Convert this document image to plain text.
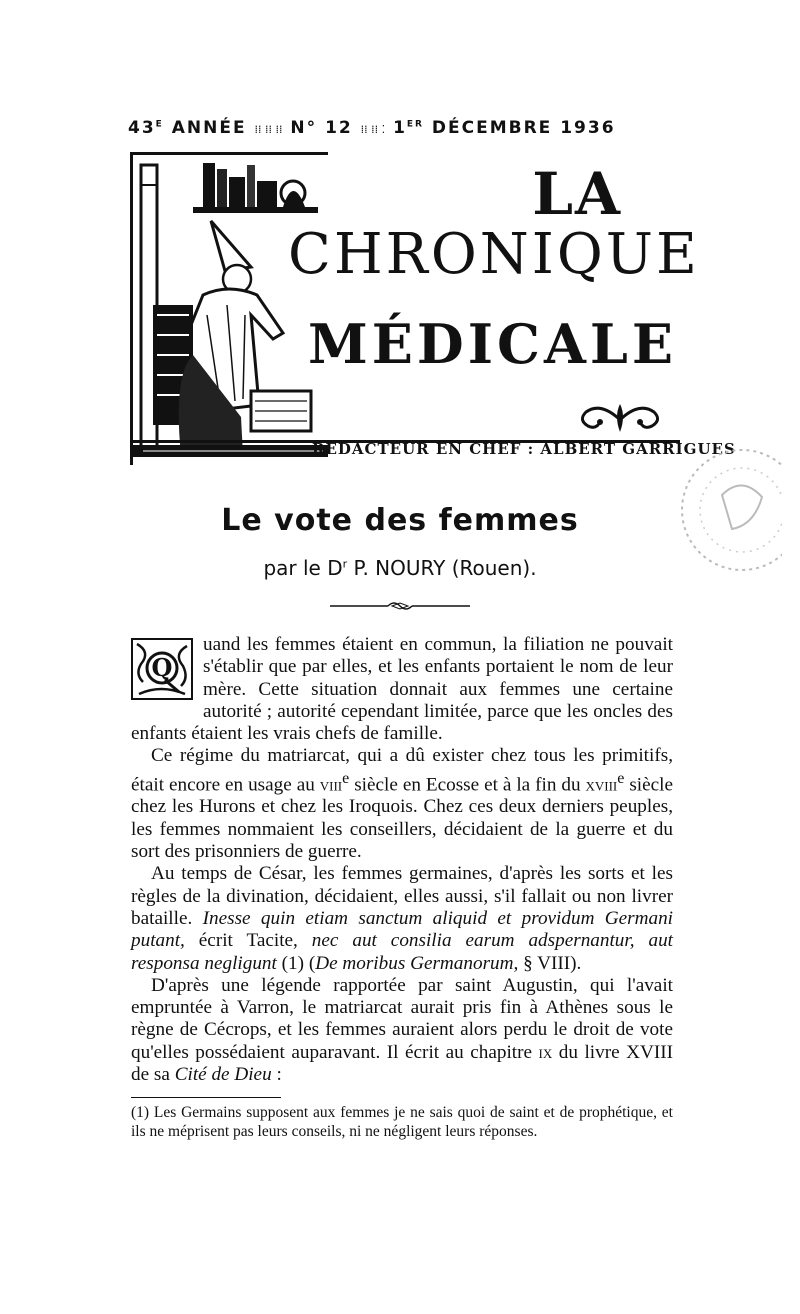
$43^E$ ANNÉE ⁞⁞ ⁞⁞ ⁞⁞ N° 12 ⁞⁞ ⁞⁞ ⁚ 1ER DÉCEMBRE 1936
LA
CHRONIQUE
MÉDICALE
RÉDACTEUR EN CHEF : ALBERT GARRIGUES
Le vote des femmes
par le $D^r$ P. NOURY (Rouen).

Q
uand les femmes étaient en commun, la filiation ne pouvait s'établir que par elles, et les enfants portaient le nom de leur mère. Cette situation donnait aux femmes une certaine autorité ; autorité cependant limitée, parce que les oncles des enfants étaient les vrais chefs de famille.

Ce régime du matriarcat, qui a dû exister chez tous les primitifs, était encore en usage au viii$^e$ siècle en Ecosse et à la fin du xviii$^e$ siècle chez les Hurons et chez les Iroquois. Chez ces deux derniers peuples, les femmes nommaient les conseillers, décidaient de la guerre et du sort des prisonniers de guerre.

Au temps de César, les femmes germaines, d'après les sorts et les règles de la divination, décidaient, elles aussi, s'il fallait ou non livrer bataille. Inesse quin etiam sanctum aliquid et providum Germani putant, écrit Tacite, nec aut consilia earum adspernantur, aut responsa negligunt (1) (De moribus Germanorum, § VIII).

D'après une légende rapportée par saint Augustin, qui l'avait empruntée à Varron, le matriarcat aurait pris fin à Athènes sous le règne de Cécrops, et les femmes auraient alors perdu le droit de vote qu'elles possédaient auparavant. Il écrit au chapitre ix du livre XVIII de sa Cité de Dieu :

(1) Les Germains supposent aux femmes je ne sais quoi de saint et de prophétique, et ils ne méprisent pas leurs conseils, ni ne négligent leurs réponses.
